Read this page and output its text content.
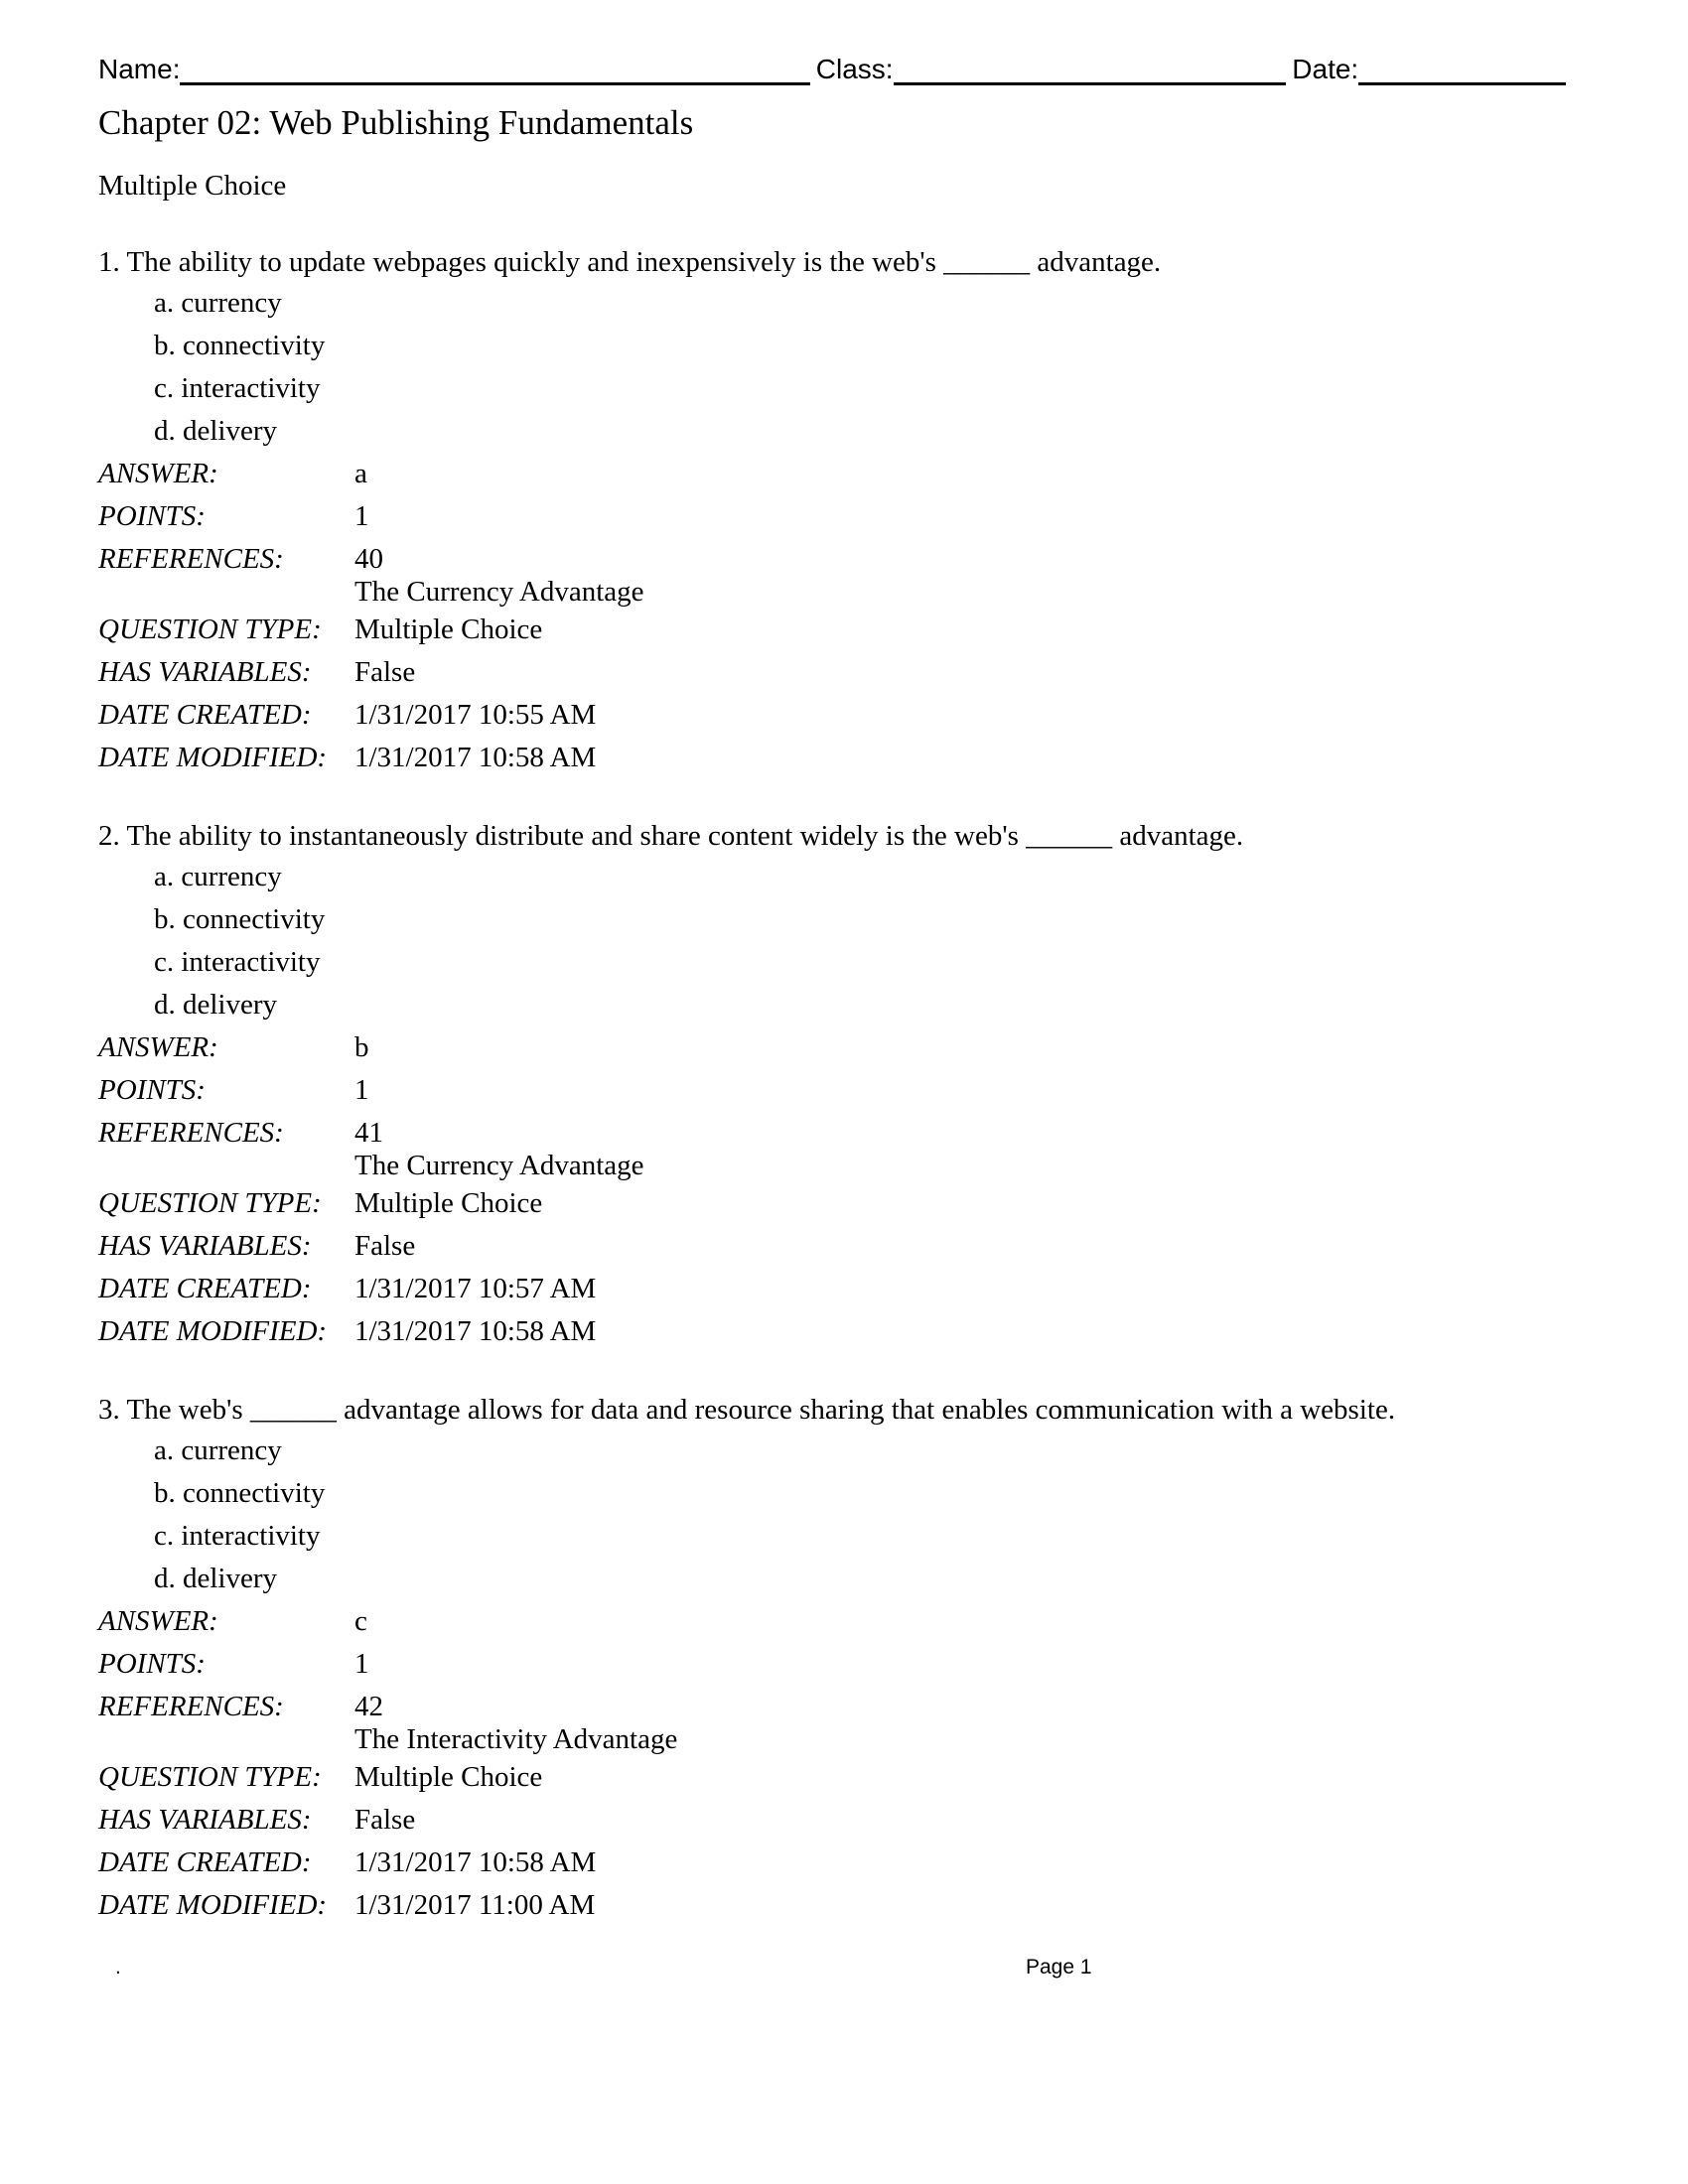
Name:	Class:	Date:
Chapter 02: Web Publishing Fundamentals
Multiple Choice
1. The ability to update webpages quickly and inexpensively is the web's ______ advantage.
a. currency
b. connectivity
c. interactivity
d. delivery
ANSWER:	a
POINTS:	1
REFERENCES:	40
The Currency Advantage
QUESTION TYPE:	Multiple Choice
HAS VARIABLES:	False
DATE CREATED:	1/31/2017 10:55 AM
DATE MODIFIED: 1/31/2017 10:58 AM
2. The ability to instantaneously distribute and share content widely is the web's ______ advantage.
a. currency
b. connectivity
c. interactivity
d. delivery
ANSWER:	b
POINTS:	1
REFERENCES:	41
The Currency Advantage
QUESTION TYPE:	Multiple Choice
HAS VARIABLES:	False
DATE CREATED:	1/31/2017 10:57 AM
DATE MODIFIED: 1/31/2017 10:58 AM
3. The web's ______ advantage allows for data and resource sharing that enables communication with a website.
a. currency
b. connectivity
c. interactivity
d. delivery
ANSWER:	c
POINTS:	1
REFERENCES:	42
The Interactivity Advantage
QUESTION TYPE:	Multiple Choice
HAS VARIABLES:	False
DATE CREATED:	1/31/2017 10:58 AM
DATE MODIFIED: 1/31/2017 11:00 AM
.	Page 1
